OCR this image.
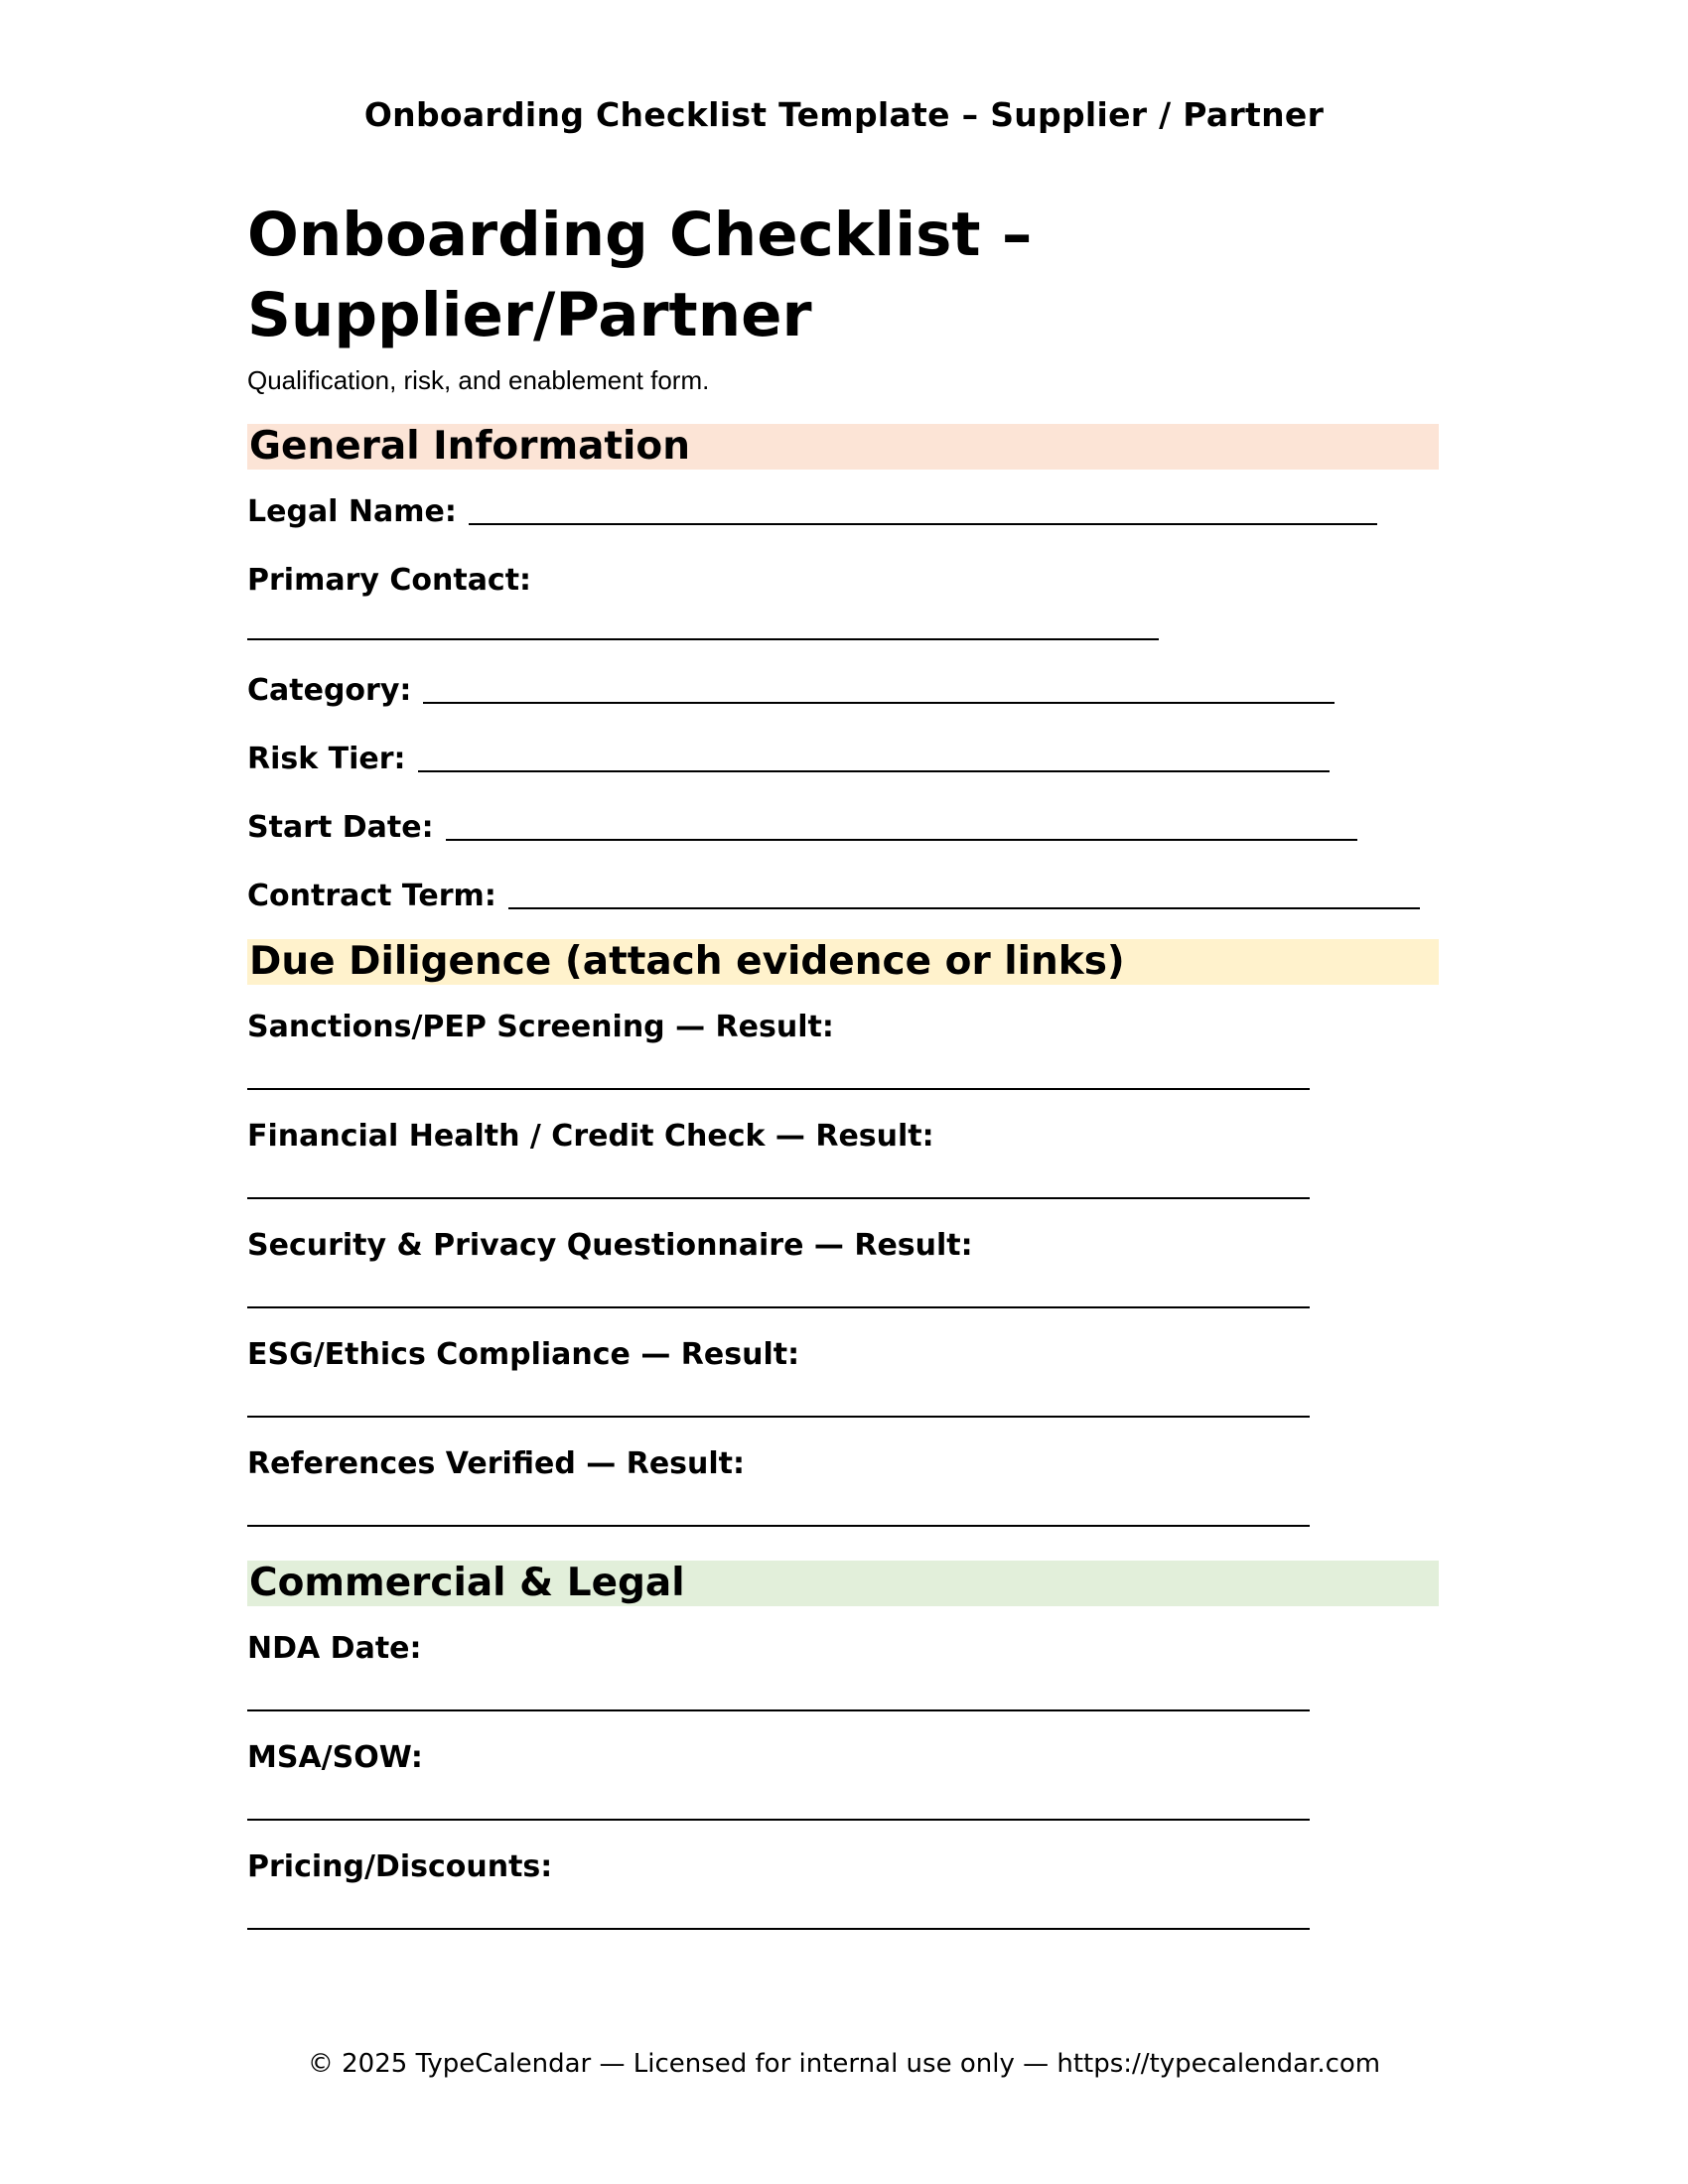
Onboarding Checklist Template – Supplier / Partner
Onboarding Checklist – Supplier/Partner

Qualification, risk, and enablement form.

General Information
Legal Name:
Primary Contact:
Category:
Risk Tier:
Start Date:
Contract Term:
Due Diligence (attach evidence or links)
Sanctions/PEP Screening — Result:
Financial Health / Credit Check — Result:
Security & Privacy Questionnaire — Result:
ESG/Ethics Compliance — Result:
References Verified — Result:
Commercial & Legal
NDA Date:
MSA/SOW:
Pricing/Discounts:
© 2025 TypeCalendar — Licensed for internal use only — https://typecalendar.com
